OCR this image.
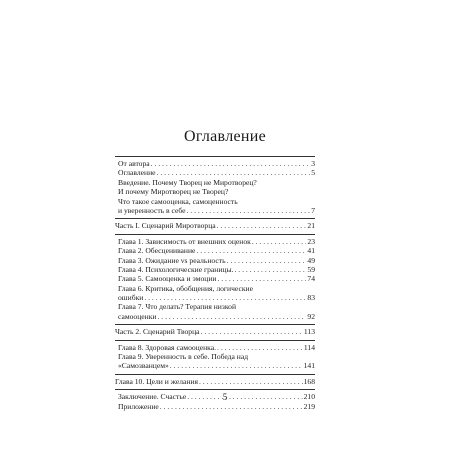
Оглавление
От автора . . .	3
Оглавление . . .	5
Введение. Почему Творец не Миротворец?
И почему Миротворец не Творец?
Что такое самооценка, самоценность
и уверенность в себе . . .	7
Часть I. Сценарий Миротворца . . .	21
Глава 1. Зависимость от внешних оценок . . .	23
Глава 2. Обесценивание . . .	41
Глава 3. Ожидание vs реальность . . .	49
Глава 4. Психологические границы. . . .	59
Глава 5. Самооценка и эмоции . . .	74
Глава 6. Критика, обобщения, логические
ошибки . . .	83
Глава 7. Что делать? Терапия низкой
самооценки . . .	92
Часть 2. Сценарий Творца . . .	113
Глава 8. Здоровая самооценка. . . .	114
Глава 9. Уверенность в себе. Победа над
«Самозванцем» . . .	141
Глава 10. Цели и желания . . .	168
Заключение. Счастье . . .	210
Приложение . . .	219
5
